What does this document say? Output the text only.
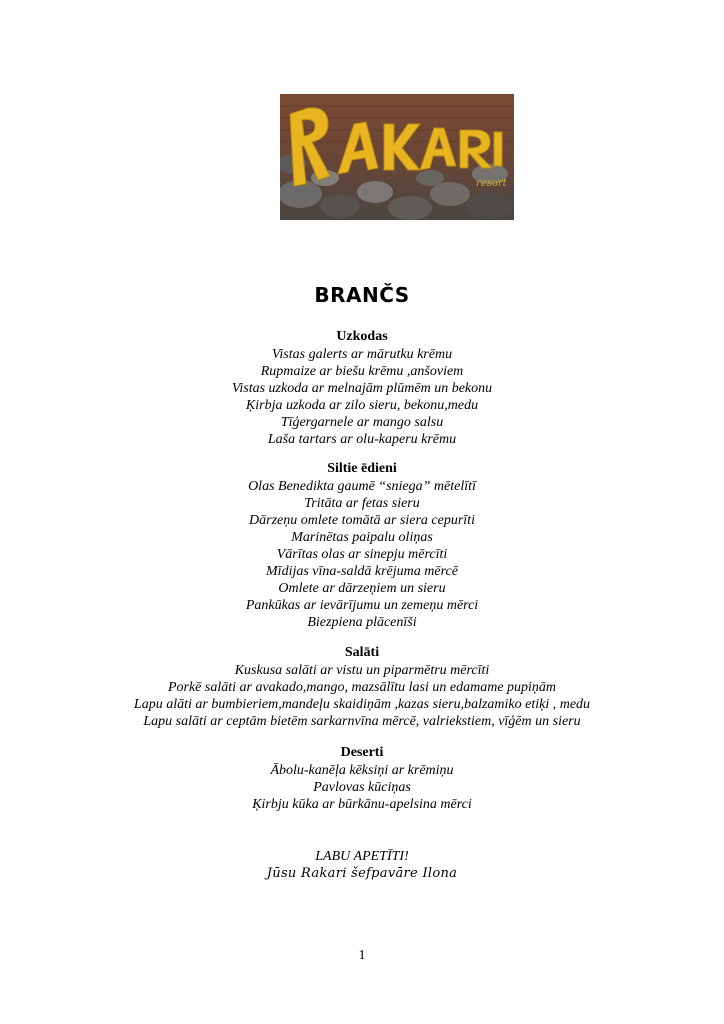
resort
BRANČS
Uzkodas
Vistas galerts ar mārutku krēmu
Rupmaize ar biešu krēmu ,anšoviem
Vistas uzkoda ar melnajām plūmēm un bekonu
Ķirbja uzkoda ar zilo sieru, bekonu,medu
Tīģergarnele ar mango salsu
Laša tartars ar olu-kaperu krēmu
Siltie ēdieni
Olas Benedikta gaumē “sniega” mētelītī
Tritāta ar fetas sieru
Dārzeņu omlete tomātā ar siera cepurīti
Marinētas paipalu oliņas
Vārītas olas ar sinepju mērcīti
Mīdijas vīna-saldā krējuma mērcē
Omlete ar dārzeņiem un sieru
Pankūkas ar ievārījumu un zemeņu mērci
Biezpiena plācenīši
Salāti
Kuskusa salāti ar vistu un piparmētru mērcīti
Porkē salāti ar avakado,mango, mazsālītu lasi un edamame pupiņām
Lapu alāti ar bumbieriem,mandeļu skaidiņām ,kazas sieru,balzamiko etiķi , medu
Lapu salāti ar ceptām bietēm sarkarnvīna mērcē, valriekstiem, vīģēm un sieru
Deserti
Ābolu-kanēļa kēksiņi ar krēmiņu
Pavlovas kūciņas
Ķirbju kūka ar būrkānu-apelsina mērci
LABU APETĪTI!
Jūsu Rakari šefpavāre Ilona
1
